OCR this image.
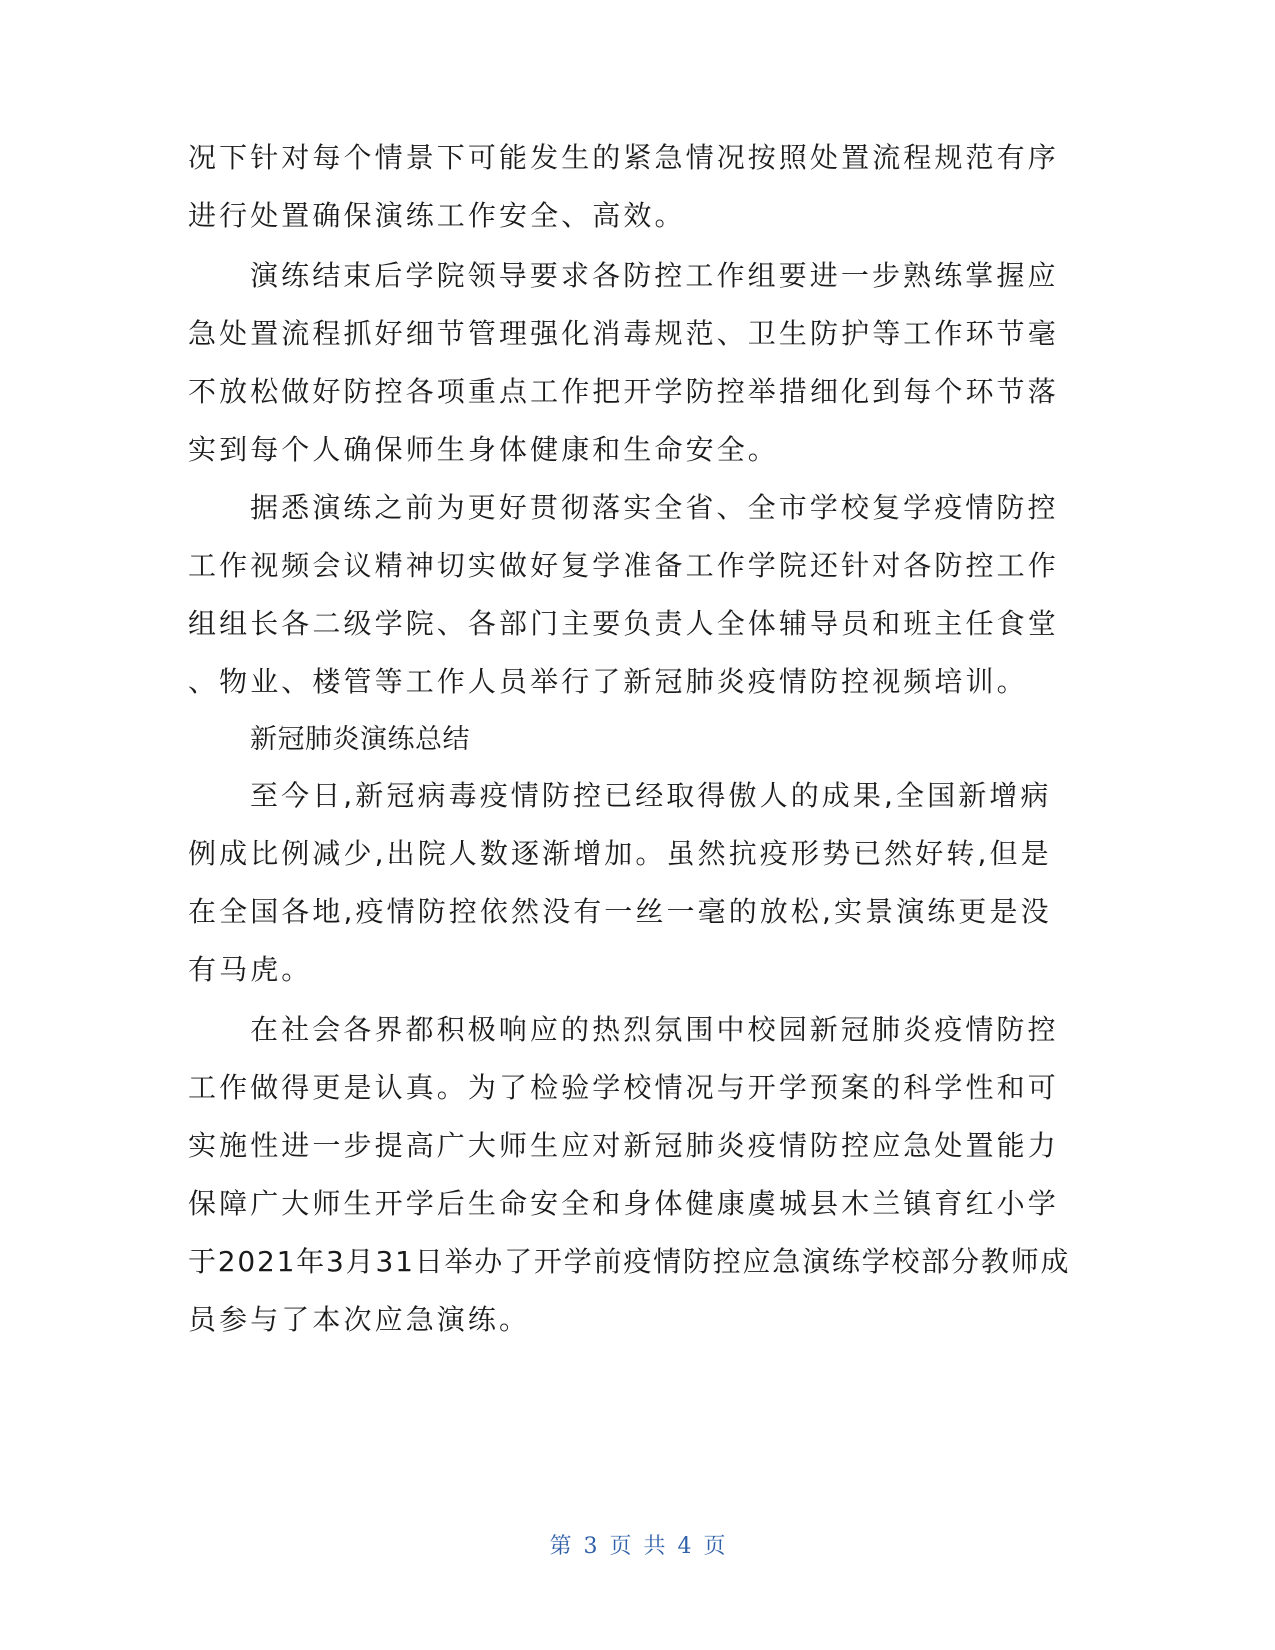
况下针对每个情景下可能发生的紧急情况按照处置流程规范有序
进行处置确保演练工作安全、高效。
演练结束后学院领导要求各防控工作组要进一步熟练掌握应
急处置流程抓好细节管理强化消毒规范、卫生防护等工作环节毫
不放松做好防控各项重点工作把开学防控举措细化到每个环节落
实到每个人确保师生身体健康和生命安全。
据悉演练之前为更好贯彻落实全省、全市学校复学疫情防控
工作视频会议精神切实做好复学准备工作学院还针对各防控工作
组组长各二级学院、各部门主要负责人全体辅导员和班主任食堂
、物业、楼管等工作人员举行了新冠肺炎疫情防控视频培训。
新冠肺炎演练总结
至今日,新冠病毒疫情防控已经取得傲人的成果,全国新增病
例成比例减少,出院人数逐渐增加。虽然抗疫形势已然好转,但是
在全国各地,疫情防控依然没有一丝一毫的放松,实景演练更是没
有马虎。
在社会各界都积极响应的热烈氛围中校园新冠肺炎疫情防控
工作做得更是认真。为了检验学校情况与开学预案的科学性和可
实施性进一步提高广大师生应对新冠肺炎疫情防控应急处置能力
保障广大师生开学后生命安全和身体健康虞城县木兰镇育红小学
于2021年3月31日举办了开学前疫情防控应急演练学校部分教师成
员参与了本次应急演练。
第 3 页 共 4 页
